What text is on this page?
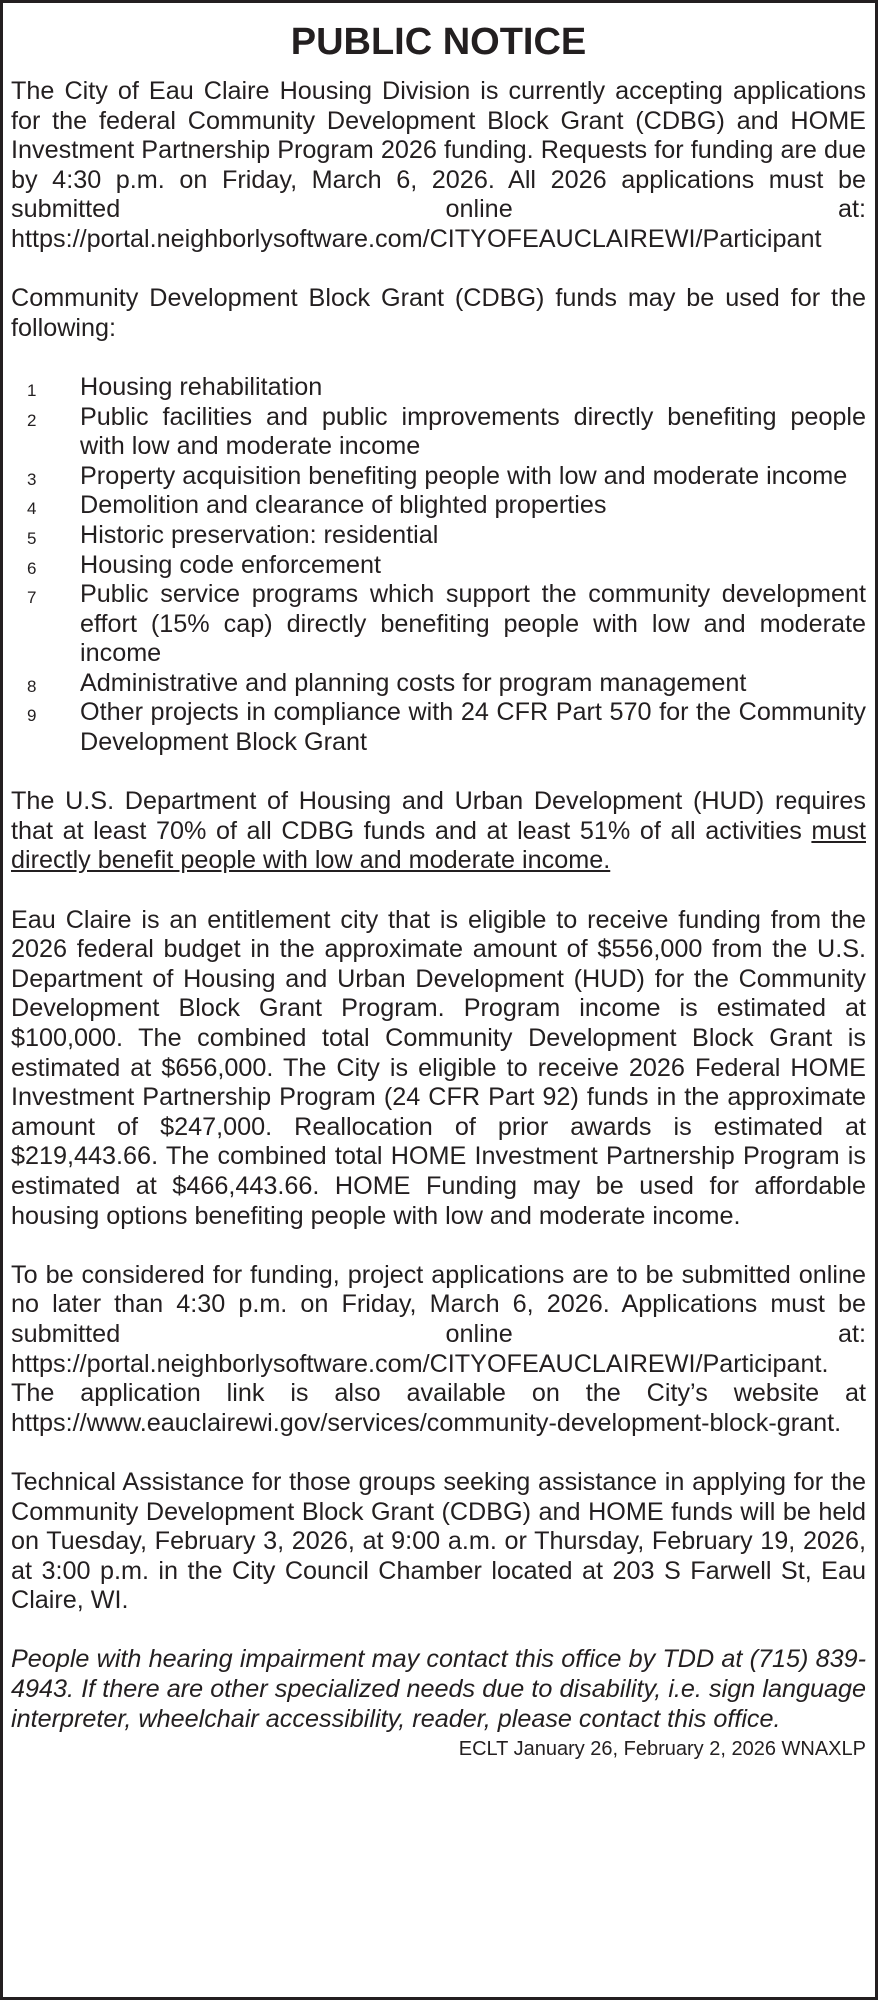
PUBLIC NOTICE

The City of Eau Claire Housing Division is currently accepting applications for the federal Community Development Block Grant (CDBG) and HOME Investment Partnership Program 2026 funding. Requests for funding are due by 4:30 p.m. on Friday, March 6, 2026. All 2026 applications must be submitted online at: https://portal.neighborlysoftware.com/CITYOFEAUCLAIREWI/Participant

Community Development Block Grant (CDBG) funds may be used for the following:

1 Housing rehabilitation
2 Public facilities and public improvements directly benefiting people with low and moderate income
3 Property acquisition benefiting people with low and moderate income
4 Demolition and clearance of blighted properties
5 Historic preservation: residential
6 Housing code enforcement
7 Public service programs which support the community development effort (15% cap) directly benefiting people with low and moderate income
8 Administrative and planning costs for program management
9 Other projects in compliance with 24 CFR Part 570 for the Community Development Block Grant

The U.S. Department of Housing and Urban Development (HUD) requires that at least 70% of all CDBG funds and at least 51% of all activities must directly benefit people with low and moderate income.

Eau Claire is an entitlement city that is eligible to receive funding from the 2026 federal budget in the approximate amount of $556,000 from the U.S. Department of Housing and Urban Development (HUD) for the Community Development Block Grant Program. Program income is estimated at $100,000. The combined total Community Development Block Grant is estimated at $656,000. The City is eligible to receive 2026 Federal HOME Investment Partnership Program (24 CFR Part 92) funds in the approximate amount of $247,000. Reallocation of prior awards is estimated at $219,443.66. The combined total HOME Investment Partnership Program is estimated at $466,443.66. HOME Funding may be used for affordable housing options benefiting people with low and moderate income.

To be considered for funding, project applications are to be submitted online no later than 4:30 p.m. on Friday, March 6, 2026. Applications must be submitted online at: https://portal.neighborlysoftware.com/CITYOFEAUCLAIREWI/Participant. The application link is also available on the City’s website at https://www.eauclairewi.gov/services/community-development-block-grant.

Technical Assistance for those groups seeking assistance in applying for the Community Development Block Grant (CDBG) and HOME funds will be held on Tuesday, February 3, 2026, at 9:00 a.m. or Thursday, February 19, 2026, at 3:00 p.m. in the City Council Chamber located at 203 S Farwell St, Eau Claire, WI.

People with hearing impairment may contact this office by TDD at (715) 839-4943. If there are other specialized needs due to disability, i.e. sign language interpreter, wheelchair accessibility, reader, please contact this office.

ECLT January 26, February 2, 2026 WNAXLP
